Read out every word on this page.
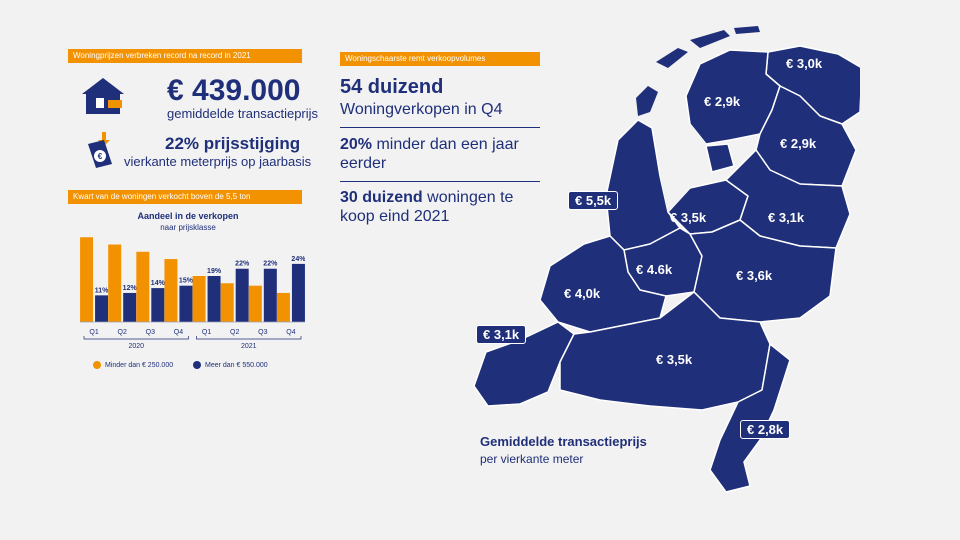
Woningprijzen verbreken record na record in 2021
€ 439.000
gemiddelde transactieprijs
€
22% prijsstijging
vierkante meterprijs op jaarbasis
Kwart van de woningen verkocht boven de 5,5 ton
Aandeel in de verkopen
naar prijsklasse
11%
Q1
12%
Q2
14%
Q3
15%
Q4
19%
Q1
22%
Q2
22%
Q3
24%
Q4
2020	2021
Minder dan € 250.000	Meer dan € 550.000
Woningschaarste remt verkoopvolumes
54 duizend
Woningverkopen in Q4
20% minder dan een jaar eerder
30 duizend woningen te koop eind 2021
€ 2,9k
€ 3,0k
€ 2,9k
€ 3,5k	€ 3,1k
€ 4.6k	€ 3,6k
€ 4,0k
€ 3,5k
€ 5,5k
€ 3,1k
€ 2,8k
Gemiddelde transactieprijs
per vierkante meter
